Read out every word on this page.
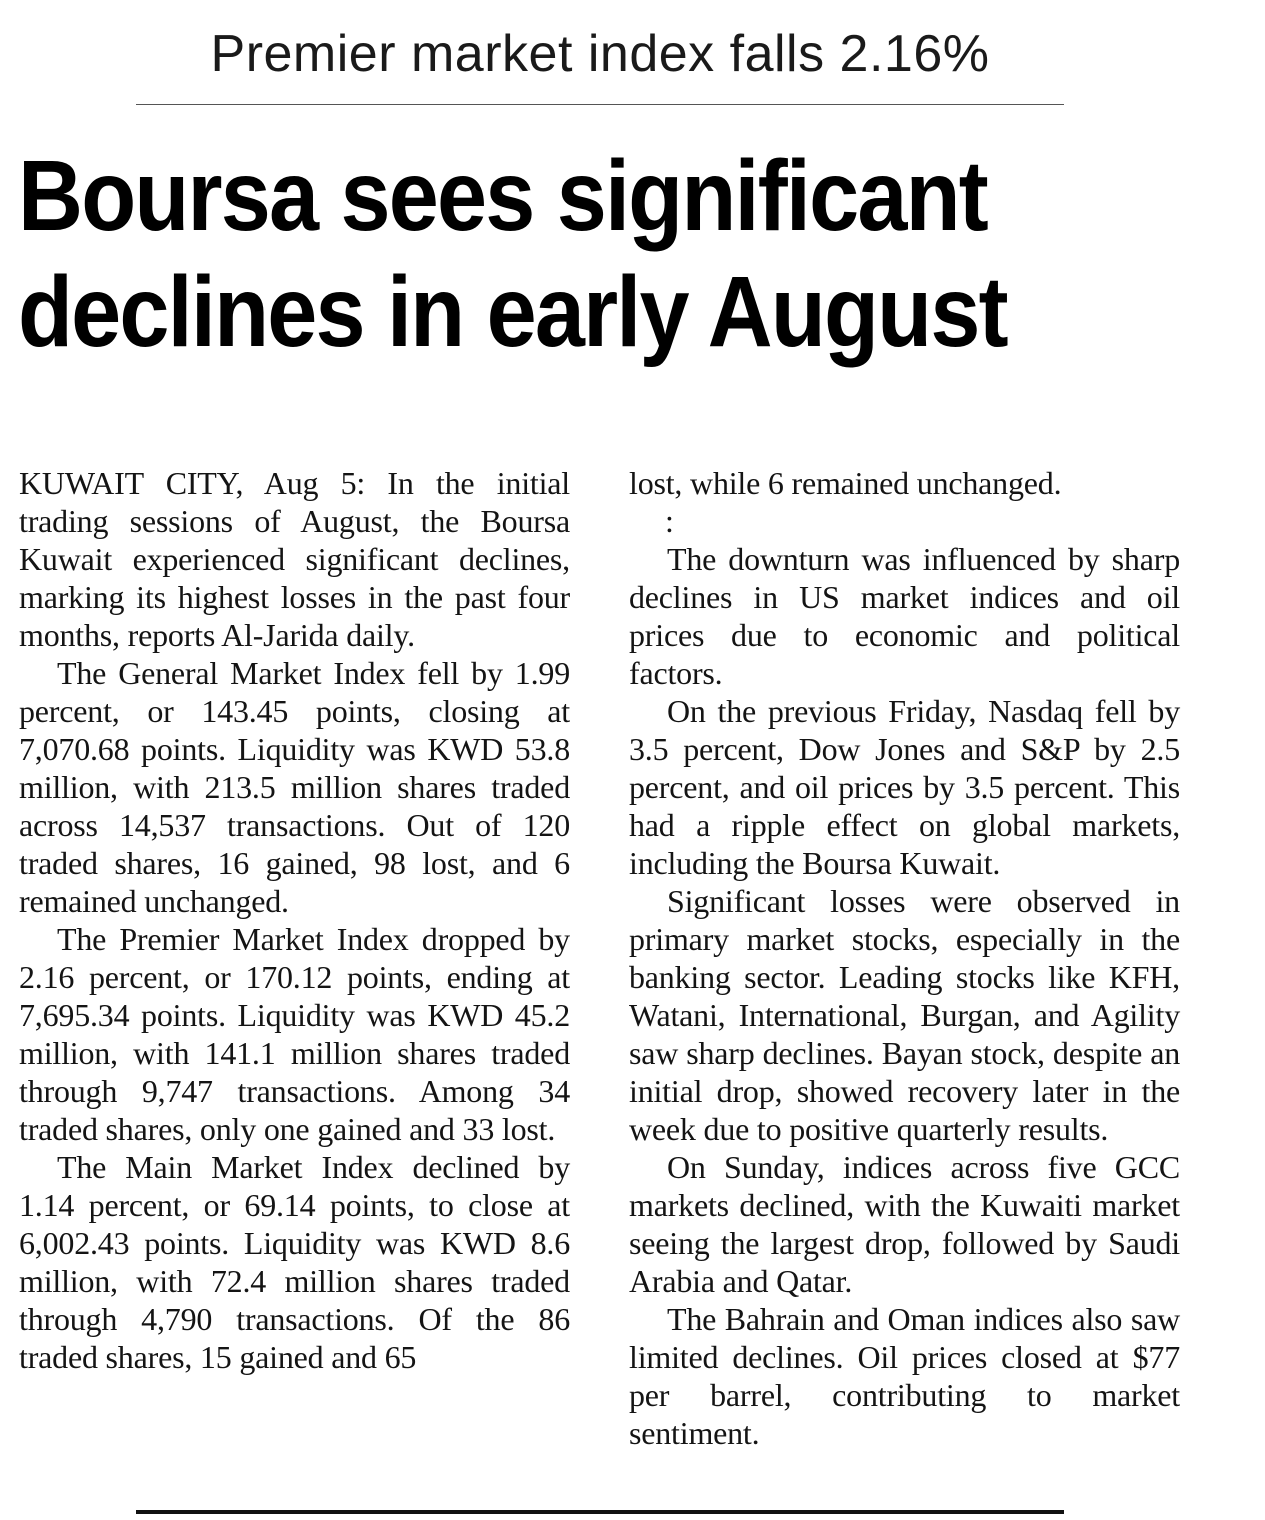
Premier market index falls 2.16%
Boursa sees significant
declines in early August

KUWAIT CITY, Aug 5: In the initial trading sessions of August, the Boursa Kuwait experienced significant declines, marking its highest losses in the past four months, reports Al-Jarida daily.

The General Market Index fell by 1.99 percent, or 143.45 points, closing at 7,070.68 points. Liquidity was KWD 53.8 million, with 213.5 million shares traded across 14,537 transactions. Out of 120 traded shares, 16 gained, 98 lost, and 6 remained unchanged.

The Premier Market Index dropped by 2.16 percent, or 170.12 points, ending at 7,695.34 points. Liquidity was KWD 45.2 million, with 141.1 million shares traded through 9,747 transactions. Among 34 traded shares, only one gained and 33 lost.

The Main Market Index declined by 1.14 percent, or 69.14 points, to close at 6,002.43 points. Liquidity was KWD 8.6 million, with 72.4 million shares traded through 4,790 transactions. Of the 86 traded shares, 15 gained and 65

lost, while 6 remained unchanged.

:

The downturn was influenced by sharp declines in US market indices and oil prices due to economic and political factors.

On the previous Friday, Nasdaq fell by 3.5 percent, Dow Jones and S&P by 2.5 percent, and oil prices by 3.5 percent. This had a ripple effect on global markets, including the Boursa Kuwait.

Significant losses were observed in primary market stocks, especially in the banking sector. Leading stocks like KFH, Watani, International, Burgan, and Agility saw sharp declines. Bayan stock, despite an initial drop, showed recovery later in the week due to positive quarterly results.

On Sunday, indices across five GCC markets declined, with the Kuwaiti market seeing the largest drop, followed by Saudi Arabia and Qatar.

The Bahrain and Oman indices also saw limited declines. Oil prices closed at $77 per barrel, contributing to market sentiment.
